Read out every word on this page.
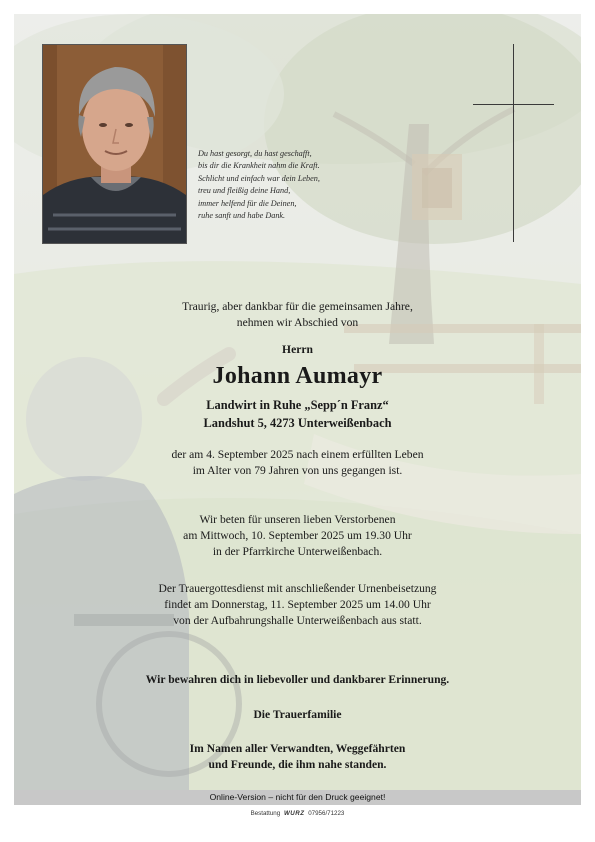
Du hast gesorgt, du hast geschafft,
bis dir die Krankheit nahm die Kraft.
Schlicht und einfach war dein Leben,
treu und fleißig deine Hand,
immer helfend für die Deinen,
ruhe sanft und habe Dank.
Traurig, aber dankbar für die gemeinsamen Jahre,
nehmen wir Abschied von
Herrn
Johann Aumayr
Landwirt in Ruhe „Sepp´n Franz“
Landshut 5, 4273 Unterweißenbach
der am 4. September 2025 nach einem erfüllten Leben
im Alter von 79 Jahren von uns gegangen ist.
Wir beten für unseren lieben Verstorbenen
am Mittwoch, 10. September 2025 um 19.30 Uhr
in der Pfarrkirche Unterweißenbach.
Der Trauergottesdienst mit anschließender Urnenbeisetzung
findet am Donnerstag, 11. September 2025 um 14.00 Uhr
von der Aufbahrungshalle Unterweißenbach aus statt.
Wir bewahren dich in liebevoller und dankbarer Erinnerung.
Die Trauerfamilie
Im Namen aller Verwandten, Weggefährten
und Freunde, die ihm nahe standen.
Online-Version – nicht für den Druck geeignet!
Bestattung WURZ 07956/71223
